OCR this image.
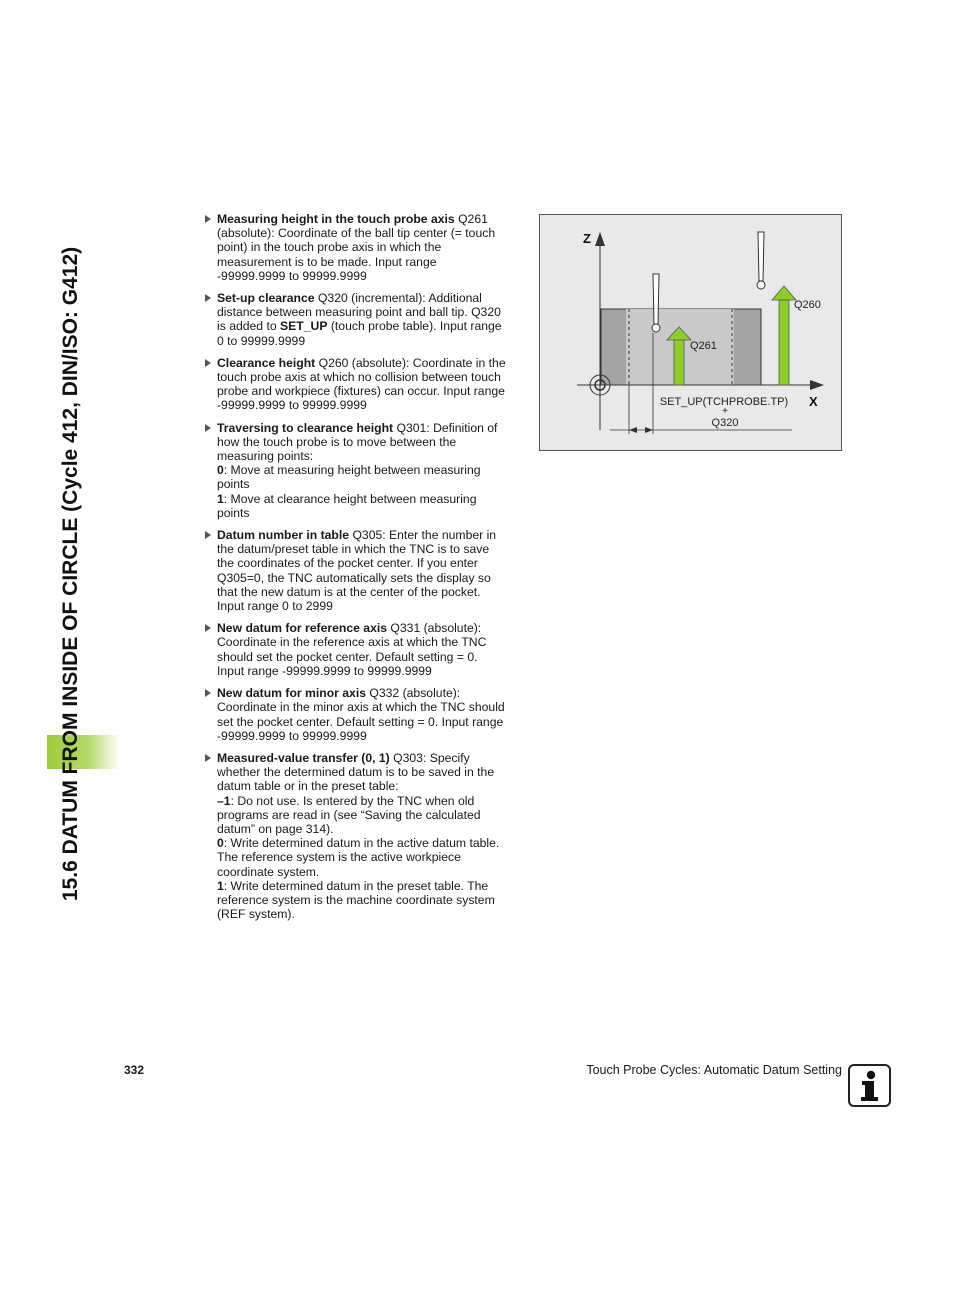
15.6 DATUM FROM INSIDE OF CIRCLE (Cycle 412, DIN/ISO: G412)
Measuring height in the touch probe axis Q261
(absolute): Coordinate of the ball tip center (= touch
point) in the touch probe axis in which the
measurement is to be made. Input range
-99999.9999 to 99999.9999
Set-up clearance Q320 (incremental): Additional
distance between measuring point and ball tip. Q320
is added to SET_UP (touch probe table). Input range
0 to 99999.9999
Clearance height Q260 (absolute): Coordinate in the
touch probe axis at which no collision between touch
probe and workpiece (fixtures) can occur. Input range
-99999.9999 to 99999.9999
Traversing to clearance height Q301: Definition of
how the touch probe is to move between the
measuring points:
0: Move at measuring height between measuring
points
1: Move at clearance height between measuring
points
Datum number in table Q305: Enter the number in
the datum/preset table in which the TNC is to save
the coordinates of the pocket center. If you enter
Q305=0, the TNC automatically sets the display so
that the new datum is at the center of the pocket.
Input range 0 to 2999
New datum for reference axis Q331 (absolute):
Coordinate in the reference axis at which the TNC
should set the pocket center. Default setting = 0.
Input range -99999.9999 to 99999.9999
New datum for minor axis Q332 (absolute):
Coordinate in the minor axis at which the TNC should
set the pocket center. Default setting = 0. Input range
-99999.9999 to 99999.9999
Measured-value transfer (0, 1) Q303: Specify
whether the determined datum is to be saved in the
datum table or in the preset table:
–1: Do not use. Is entered by the TNC when old
programs are read in (see “Saving the calculated
datum” on page 314).
0: Write determined datum in the active datum table.
The reference system is the active workpiece
coordinate system.
1: Write determined datum in the preset table. The
reference system is the machine coordinate system
(REF system).
Z
X
Q261
Q260
SET_UP(TCHPROBE.TP)
+
Q320
332	Touch Probe Cycles: Automatic Datum Setting
